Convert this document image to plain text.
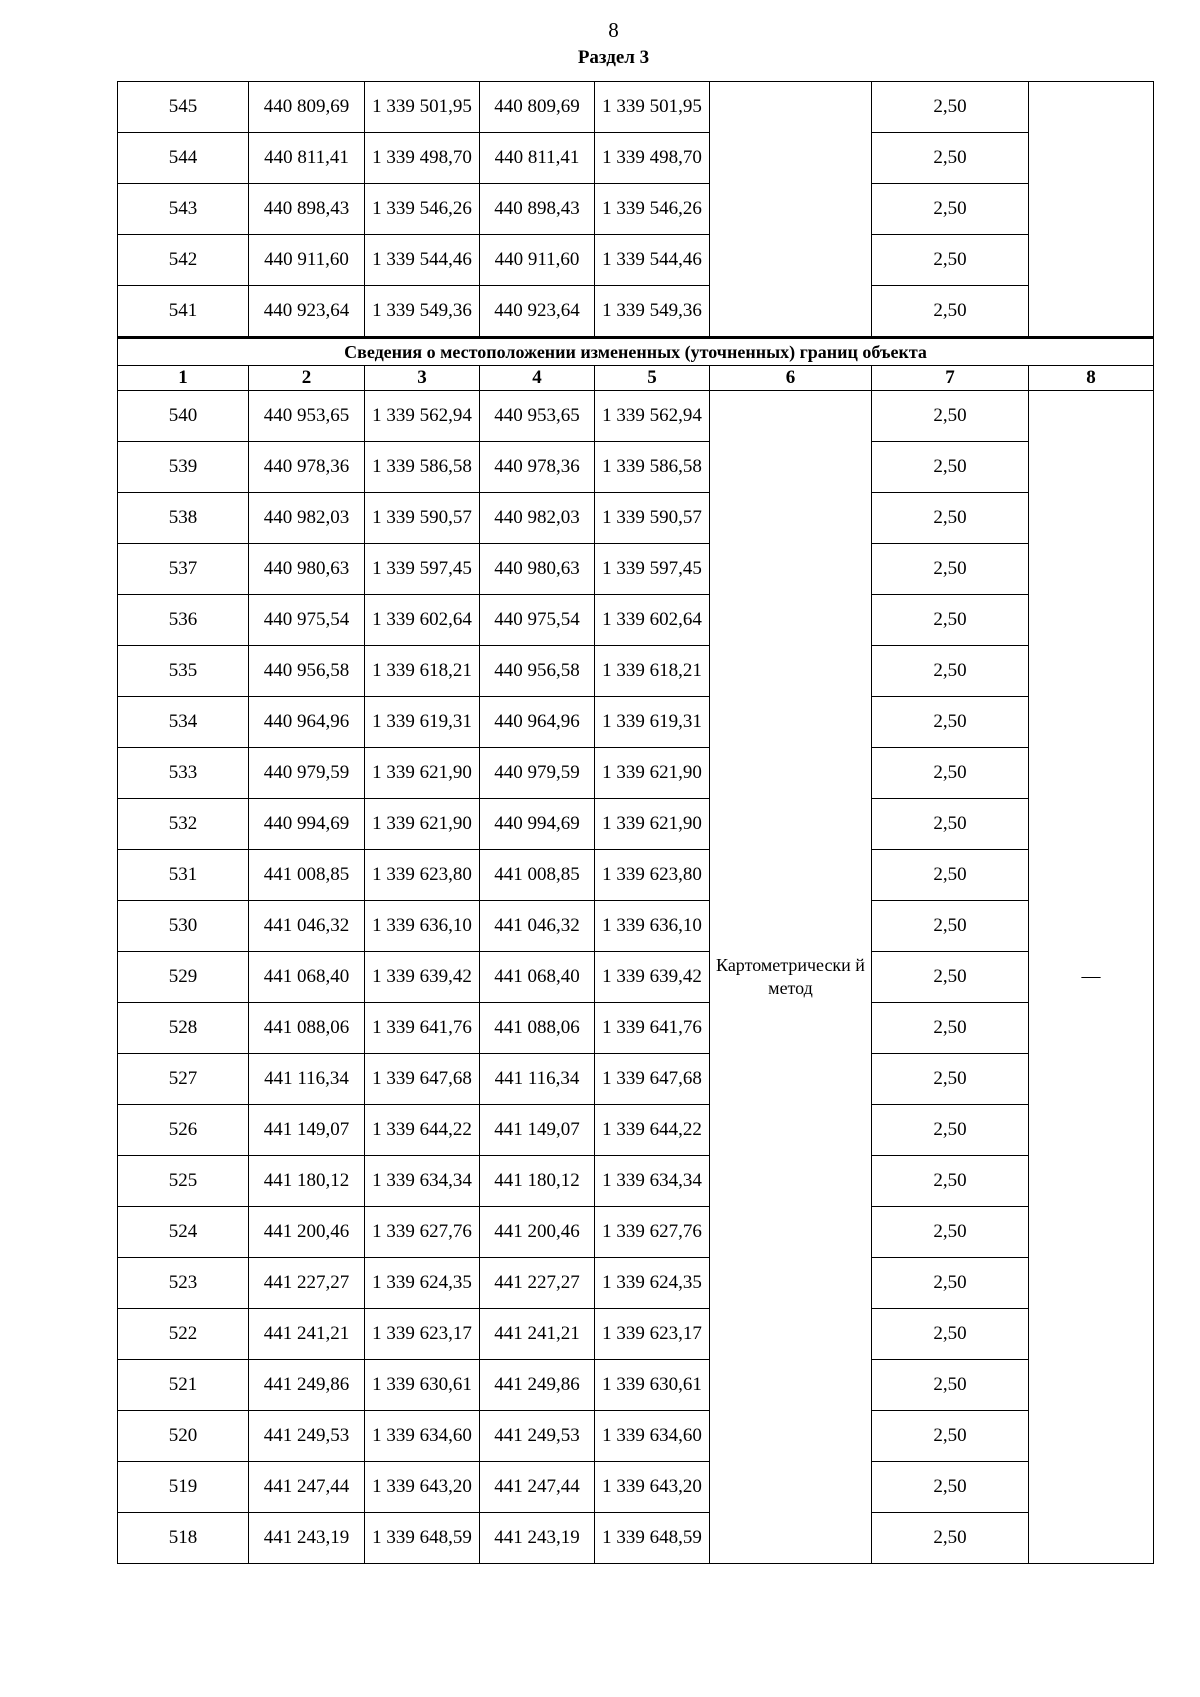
8
Раздел 3
545	440 809,69	1 339 501,95	440 809,69	1 339 501,95		2,50	
544	440 811,41	1 339 498,70	440 811,41	1 339 498,70		2,50	
543	440 898,43	1 339 546,26	440 898,43	1 339 546,26		2,50	
542	440 911,60	1 339 544,46	440 911,60	1 339 544,46		2,50	
541	440 923,64	1 339 549,36	440 923,64	1 339 549,36		2,50	
Сведения о местоположении измененных (уточненных) границ объекта							
1	2	3	4	5	6	7	8
540	440 953,65	1 339 562,94	440 953,65	1 339 562,94	Картометрически й метод	2,50	—
539	440 978,36	1 339 586,58	440 978,36	1 339 586,58		2,50	
538	440 982,03	1 339 590,57	440 982,03	1 339 590,57		2,50	
537	440 980,63	1 339 597,45	440 980,63	1 339 597,45		2,50	
536	440 975,54	1 339 602,64	440 975,54	1 339 602,64		2,50	
535	440 956,58	1 339 618,21	440 956,58	1 339 618,21		2,50	
534	440 964,96	1 339 619,31	440 964,96	1 339 619,31		2,50	
533	440 979,59	1 339 621,90	440 979,59	1 339 621,90		2,50	
532	440 994,69	1 339 621,90	440 994,69	1 339 621,90		2,50	
531	441 008,85	1 339 623,80	441 008,85	1 339 623,80		2,50	
530	441 046,32	1 339 636,10	441 046,32	1 339 636,10		2,50	
529	441 068,40	1 339 639,42	441 068,40	1 339 639,42		2,50	
528	441 088,06	1 339 641,76	441 088,06	1 339 641,76		2,50	
527	441 116,34	1 339 647,68	441 116,34	1 339 647,68		2,50	
526	441 149,07	1 339 644,22	441 149,07	1 339 644,22		2,50	
525	441 180,12	1 339 634,34	441 180,12	1 339 634,34		2,50	
524	441 200,46	1 339 627,76	441 200,46	1 339 627,76		2,50	
523	441 227,27	1 339 624,35	441 227,27	1 339 624,35		2,50	
522	441 241,21	1 339 623,17	441 241,21	1 339 623,17		2,50	
521	441 249,86	1 339 630,61	441 249,86	1 339 630,61		2,50	
520	441 249,53	1 339 634,60	441 249,53	1 339 634,60		2,50	
519	441 247,44	1 339 643,20	441 247,44	1 339 643,20		2,50	
518	441 243,19	1 339 648,59	441 243,19	1 339 648,59		2,50	
